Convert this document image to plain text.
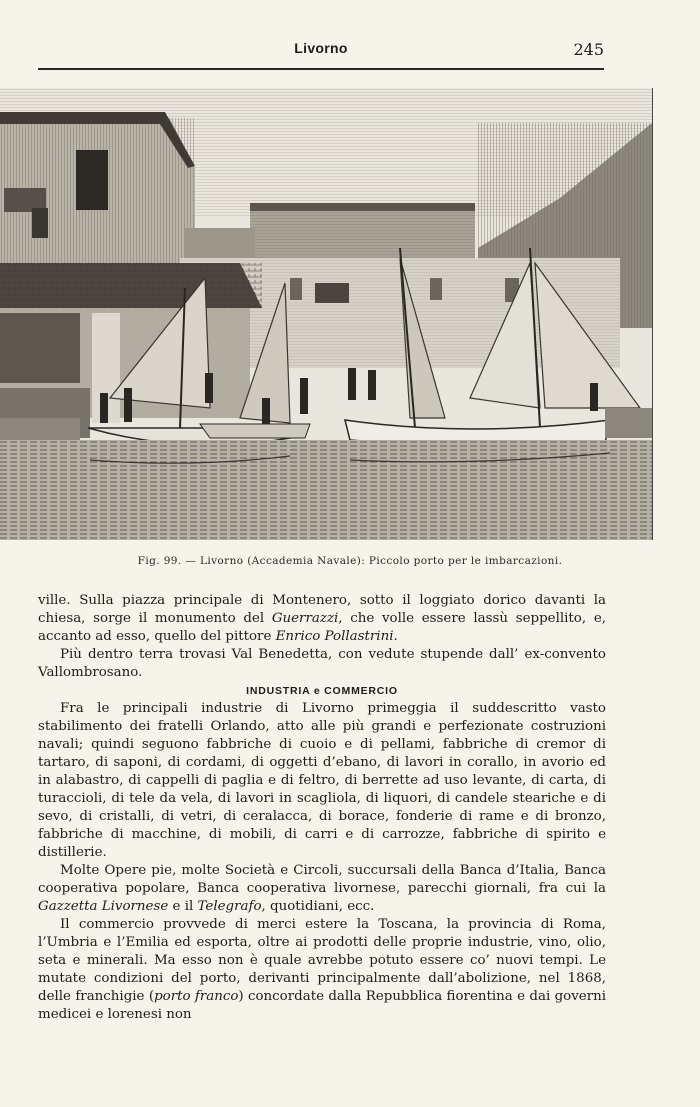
Livorno	245
Fig. 99. — Livorno (Accademia Navale): Piccolo porto per le imbarcazioni.

ville. Sulla piazza principale di Montenero, sotto il loggiato dorico davanti la chiesa, sorge il monumento del Guerrazzi, che volle essere lassù seppellito, e, accanto ad esso, quello del pittore Enrico Pollastrini.

Più dentro terra trovasi Val Benedetta, con vedute stupende dall’ ex-convento Vallombrosano.

INDUSTRIA e COMMERCIO

Fra le principali industrie di Livorno primeggia il suddescritto vasto stabilimento dei fratelli Orlando, atto alle più grandi e perfezionate costruzioni navali; quindi seguono fabbriche di cuoio e di pellami, fabbriche di cremor di tartaro, di saponi, di cordami, di oggetti d’ebano, di lavori in corallo, in avorio ed in alabastro, di cappelli di paglia e di feltro, di berrette ad uso levante, di carta, di turaccioli, di tele da vela, di lavori in scagliola, di liquori, di candele steariche e di sevo, di cristalli, di vetri, di ceralacca, di borace, fonderie di rame e di bronzo, fabbriche di macchine, di mobili, di carri e di carrozze, fabbriche di spirito e distillerie.

Molte Opere pie, molte Società e Circoli, succursali della Banca d’Italia, Banca cooperativa popolare, Banca cooperativa livornese, parecchi giornali, fra cui la Gazzetta Livornese e il Telegrafo, quotidiani, ecc.

Il commercio provvede di merci estere la Toscana, la provincia di Roma, l’Umbria e l’Emilia ed esporta, oltre ai prodotti delle proprie industrie, vino, olio, seta e minerali. Ma esso non è quale avrebbe potuto essere co’ nuovi tempi. Le mutate condizioni del porto, derivanti principalmente dall’abolizione, nel 1868, delle franchigie (porto franco) concordate dalla Repubblica fiorentina e dai governi medicei e lorenesi non
